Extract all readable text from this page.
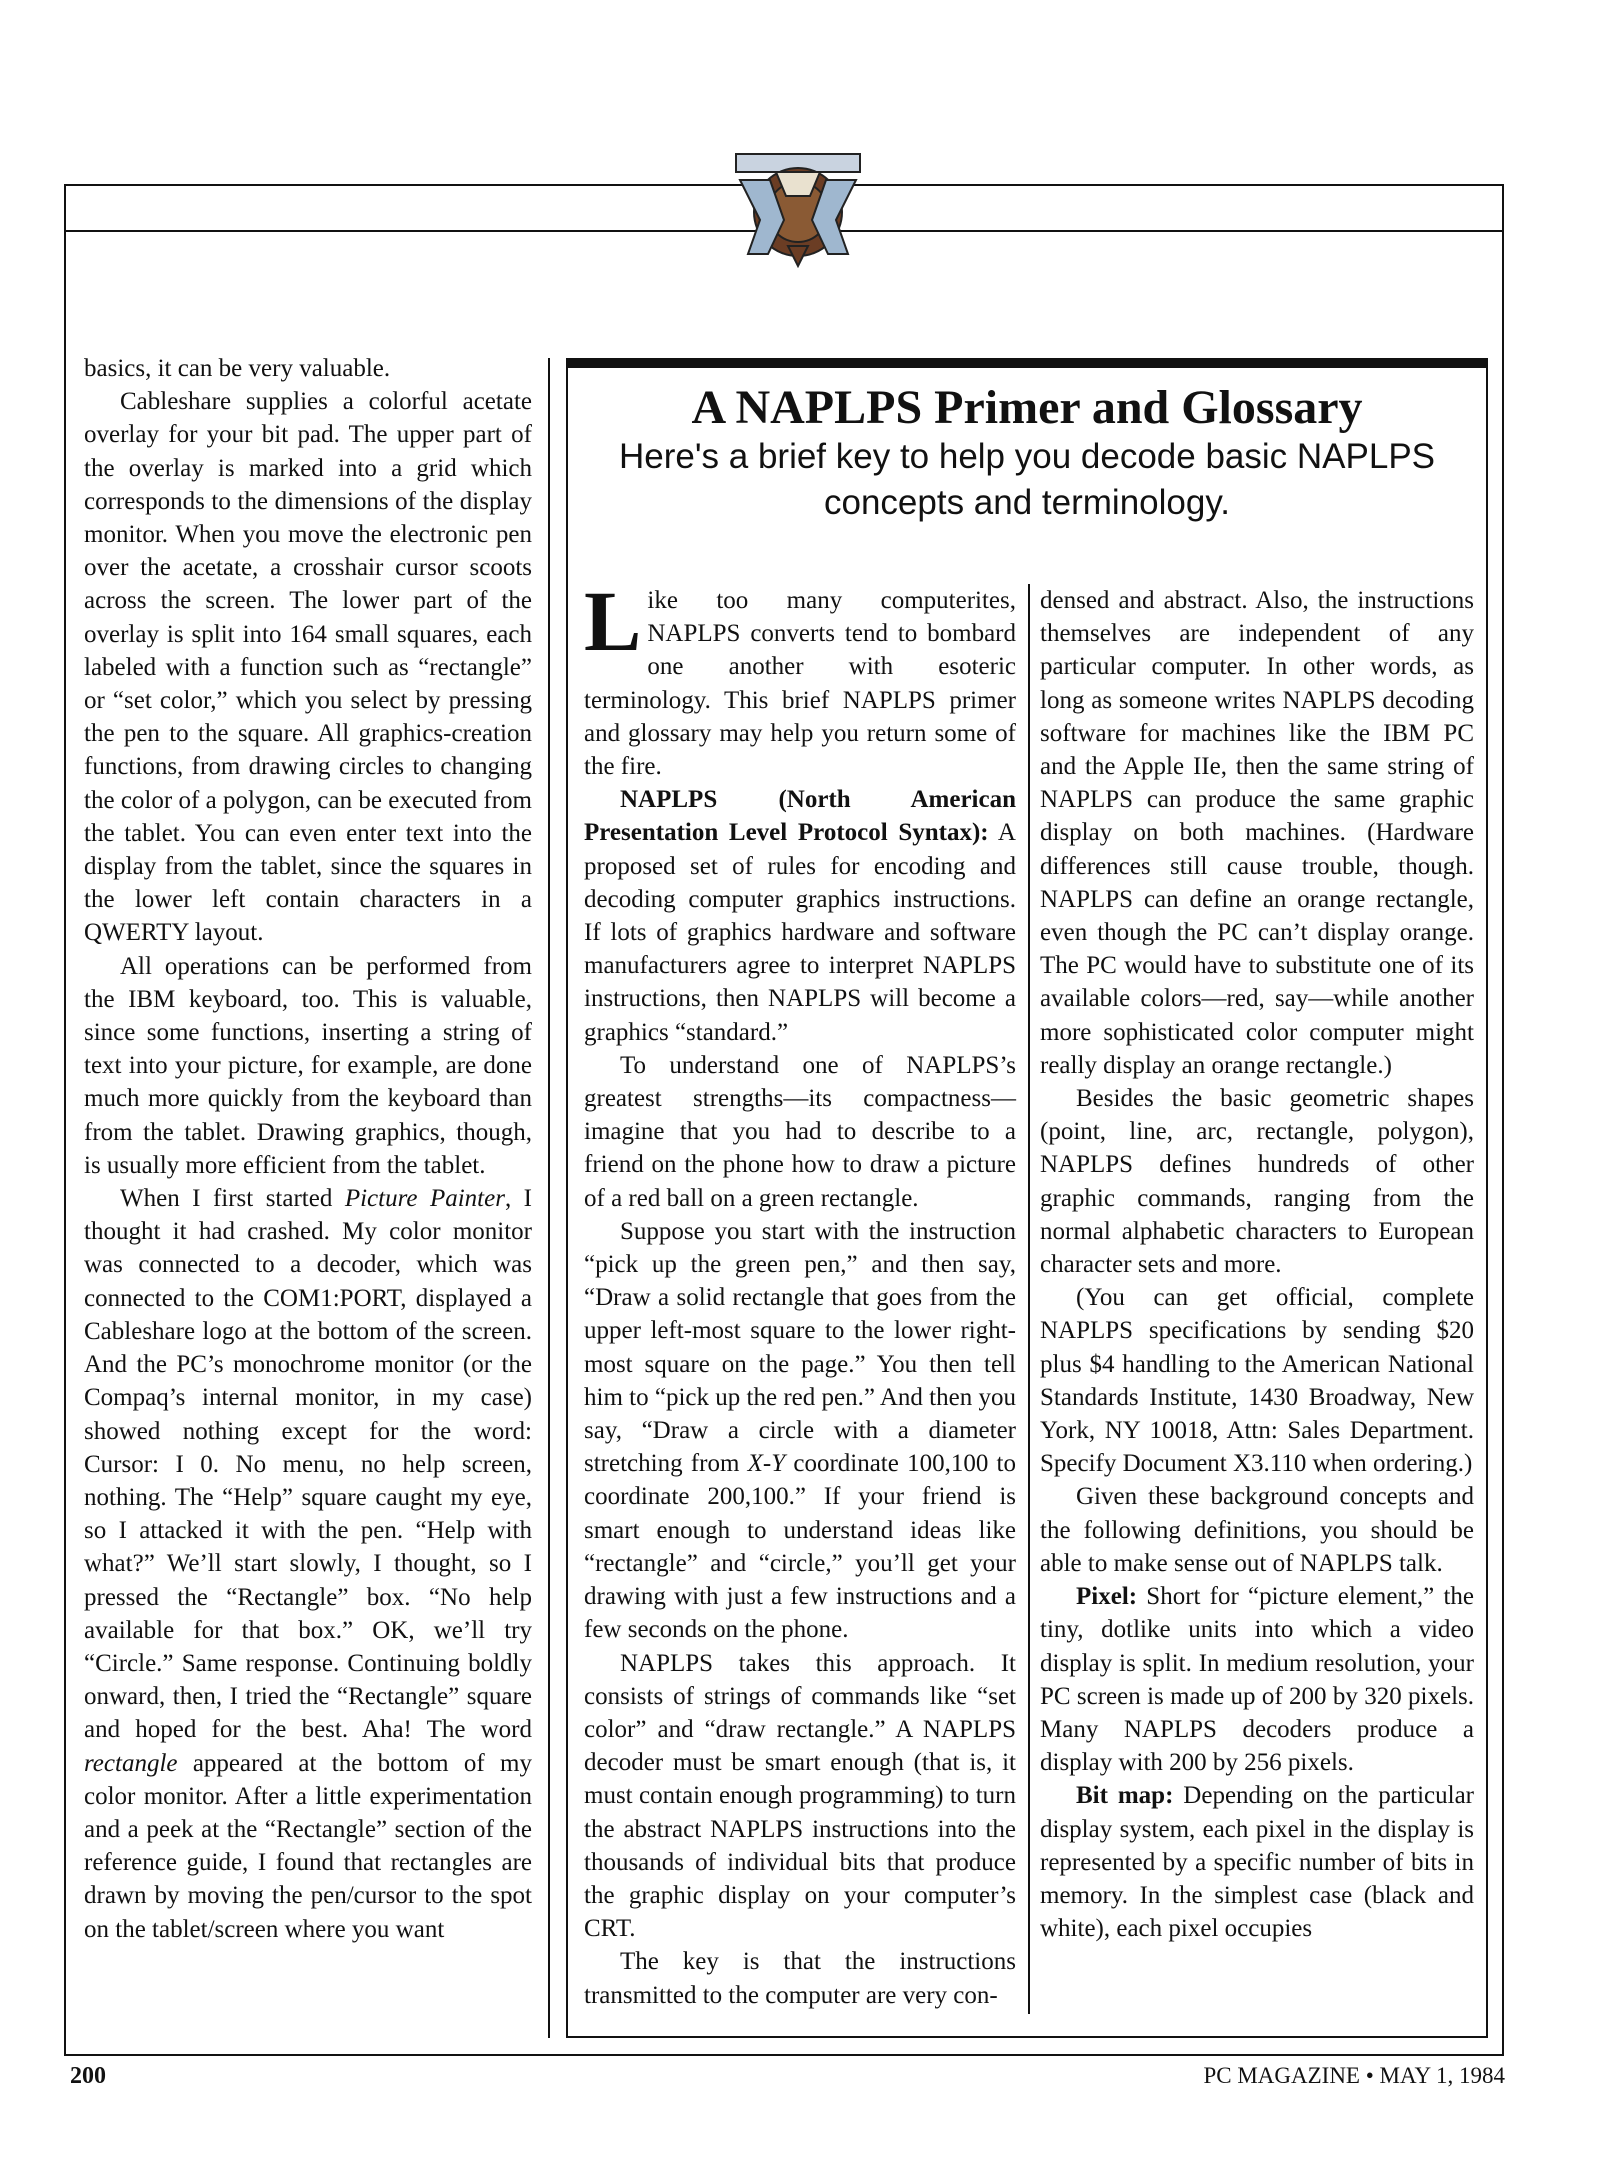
basics, it can be very valuable.

Cableshare supplies a colorful acetate overlay for your bit pad. The upper part of the overlay is marked into a grid which corresponds to the dimensions of the display monitor. When you move the electronic pen over the acetate, a crosshair cursor scoots across the screen. The lower part of the overlay is split into 164 small squares, each labeled with a function such as “rectangle” or “set color,” which you select by pressing the pen to the square. All graphics-creation functions, from drawing circles to changing the color of a polygon, can be executed from the tablet. You can even enter text into the display from the tablet, since the squares in the lower left contain characters in a QWERTY layout.

All operations can be performed from the IBM keyboard, too. This is valuable, since some functions, inserting a string of text into your picture, for example, are done much more quickly from the keyboard than from the tablet. Drawing graphics, though, is usually more efficient from the tablet.

When I first started Picture Painter, I thought it had crashed. My color monitor was connected to a decoder, which was connected to the COM1:PORT, displayed a Cableshare logo at the bottom of the screen. And the PC’s monochrome monitor (or the Compaq’s internal monitor, in my case) showed nothing except for the word: Cursor: I 0. No menu, no help screen, nothing. The “Help” square caught my eye, so I attacked it with the pen. “Help with what?” We’ll start slowly, I thought, so I pressed the “Rectangle” box. “No help available for that box.” OK, we’ll try “Circle.” Same response. Continuing boldly onward, then, I tried the “Rectangle” square and hoped for the best. Aha! The word rectangle appeared at the bottom of my color monitor. After a little experimentation and a peek at the “Rectangle” section of the reference guide, I found that rectangles are drawn by moving the pen/cursor to the spot on the tablet/screen where you want

A NAPLPS Primer and Glossary
Here's a brief key to help you decode basic NAPLPS concepts and terminology.

Like too many computerites, NAPLPS converts tend to bombard one another with esoteric terminology. This brief NAPLPS primer and glossary may help you return some of the fire.

NAPLPS (North American Presentation Level Protocol Syntax): A proposed set of rules for encoding and decoding computer graphics instructions. If lots of graphics hardware and software manufacturers agree to interpret NAPLPS instructions, then NAPLPS will become a graphics “standard.”

To understand one of NAPLPS’s greatest strengths—its compactness—imagine that you had to describe to a friend on the phone how to draw a picture of a red ball on a green rectangle.

Suppose you start with the instruction “pick up the green pen,” and then say, “Draw a solid rectangle that goes from the upper left-most square to the lower right-most square on the page.” You then tell him to “pick up the red pen.” And then you say, “Draw a circle with a diameter stretching from X-Y coordinate 100,100 to coordinate 200,100.” If your friend is smart enough to understand ideas like “rectangle” and “circle,” you’ll get your drawing with just a few instructions and a few seconds on the phone.

NAPLPS takes this approach. It consists of strings of commands like “set color” and “draw rectangle.” A NAPLPS decoder must be smart enough (that is, it must contain enough programming) to turn the abstract NAPLPS instructions into the thousands of individual bits that produce the graphic display on your computer’s CRT.

The key is that the instructions transmitted to the computer are very con-

densed and abstract. Also, the instructions themselves are independent of any particular computer. In other words, as long as someone writes NAPLPS decoding software for machines like the IBM PC and the Apple IIe, then the same string of NAPLPS can produce the same graphic display on both machines. (Hardware differences still cause trouble, though. NAPLPS can define an orange rectangle, even though the PC can’t display orange. The PC would have to substitute one of its available colors—red, say—while another more sophisticated color computer might really display an orange rectangle.)

Besides the basic geometric shapes (point, line, arc, rectangle, polygon), NAPLPS defines hundreds of other graphic commands, ranging from the normal alphabetic characters to European character sets and more.

(You can get official, complete NAPLPS specifications by sending $20 plus $4 handling to the American National Standards Institute, 1430 Broadway, New York, NY 10018, Attn: Sales Department. Specify Document X3.110 when ordering.)

Given these background concepts and the following definitions, you should be able to make sense out of NAPLPS talk.

Pixel: Short for “picture element,” the tiny, dotlike units into which a video display is split. In medium resolution, your PC screen is made up of 200 by 320 pixels. Many NAPLPS decoders produce a display with 200 by 256 pixels.

Bit map: Depending on the particular display system, each pixel in the display is represented by a specific number of bits in memory. In the simplest case (black and white), each pixel occupies

200	PC MAGAZINE • MAY 1, 1984
